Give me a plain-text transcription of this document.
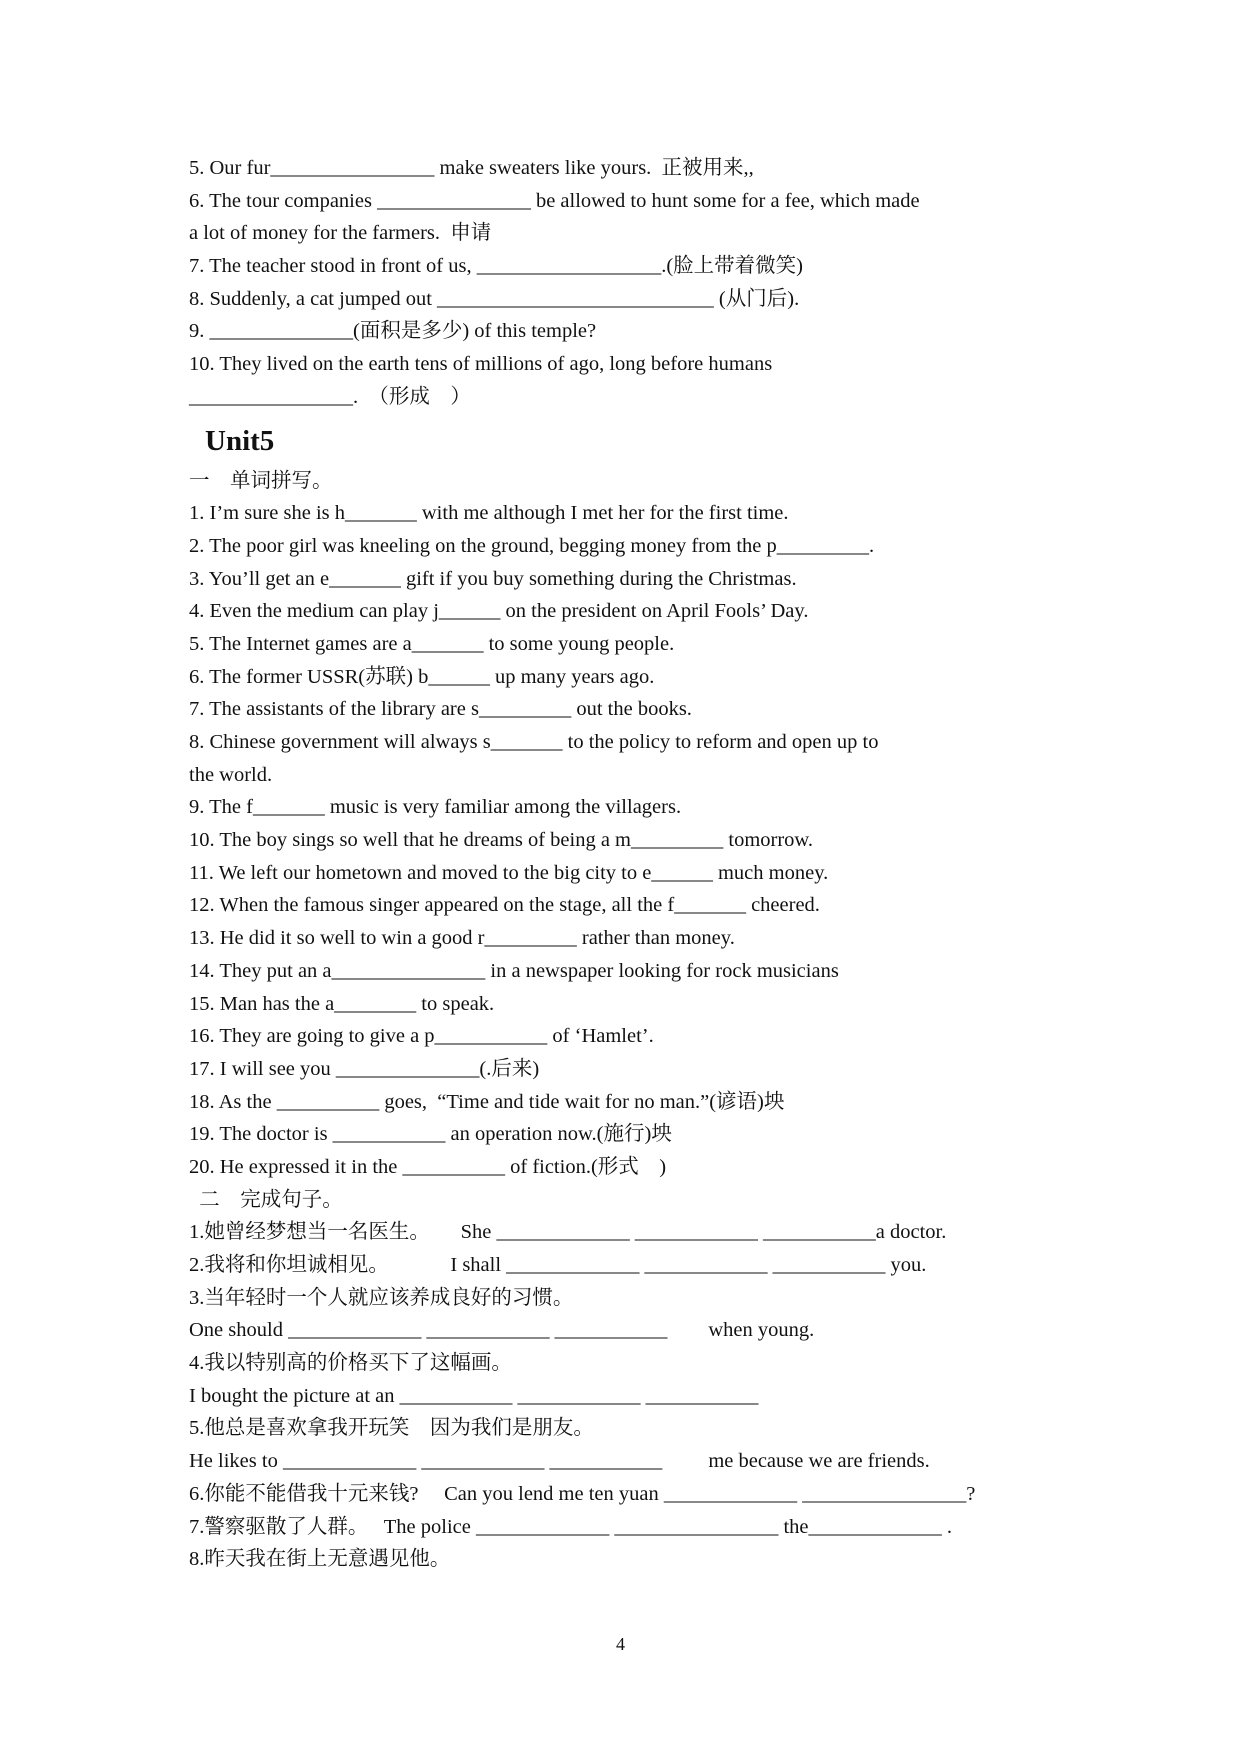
5. Our fur________________ make sweaters like yours.  正被用来,,
6. The tour companies _______________ be allowed to hunt some for a fee, which made
a lot of money for the farmers.  申请
7. The teacher stood in front of us, __________________.(脸上带着微笑)
8. Suddenly, a cat jumped out ___________________________ (从门后).
9. ______________(面积是多少) of this temple?
10. They lived on the earth tens of millions of ago, long before humans
________________.  （形成    ）
Unit5
一    单词拼写。
1. I’m sure she is h_______ with me although I met her for the first time.
2. The poor girl was kneeling on the ground, begging money from the p_________.
3. You’ll get an e_______ gift if you buy something during the Christmas.
4. Even the medium can play j______ on the president on April Fools’ Day.
5. The Internet games are a_______ to some young people.
6. The former USSR(苏联) b______ up many years ago.
7. The assistants of the library are s_________ out the books.
8. Chinese government will always s_______ to the policy to reform and open up to
the world.
9. The f_______ music is very familiar among the villagers.
10. The boy sings so well that he dreams of being a m_________ tomorrow.
11. We left our hometown and moved to the big city to e______ much money.
12. When the famous singer appeared on the stage, all the f_______ cheered.
13. He did it so well to win a good r_________ rather than money.
14. They put an a_______________ in a newspaper looking for rock musicians
15. Man has the a________ to speak.
16. They are going to give a p___________ of ‘Hamlet’.
17. I will see you ______________(.后来)
18. As the __________ goes,  “Time and tide wait for no man.”(谚语)坱
19. The doctor is ___________ an operation now.(施行)坱
20. He expressed it in the __________ of fiction.(形式    )
二    完成句子。
1.她曾经梦想当一名医生。      She _____________ ____________ ___________a doctor.
2.我将和你坦诚相见。            I shall _____________ ____________ ___________ you.
3.当年轻时一个人就应该养成良好的习惯。
One should _____________ ____________ ___________        when young.
4.我以特别高的价格买下了这幅画。
I bought the picture at an ___________ ____________ ___________
5.他总是喜欢拿我开玩笑    因为我们是朋友。
He likes to _____________ ____________ ___________         me because we are friends.
6.你能不能借我十元来钱?     Can you lend me ten yuan _____________ ________________?
7.警察驱散了人群。   The police _____________ ________________ the_____________ .
8.昨天我在街上无意遇见他。
4
